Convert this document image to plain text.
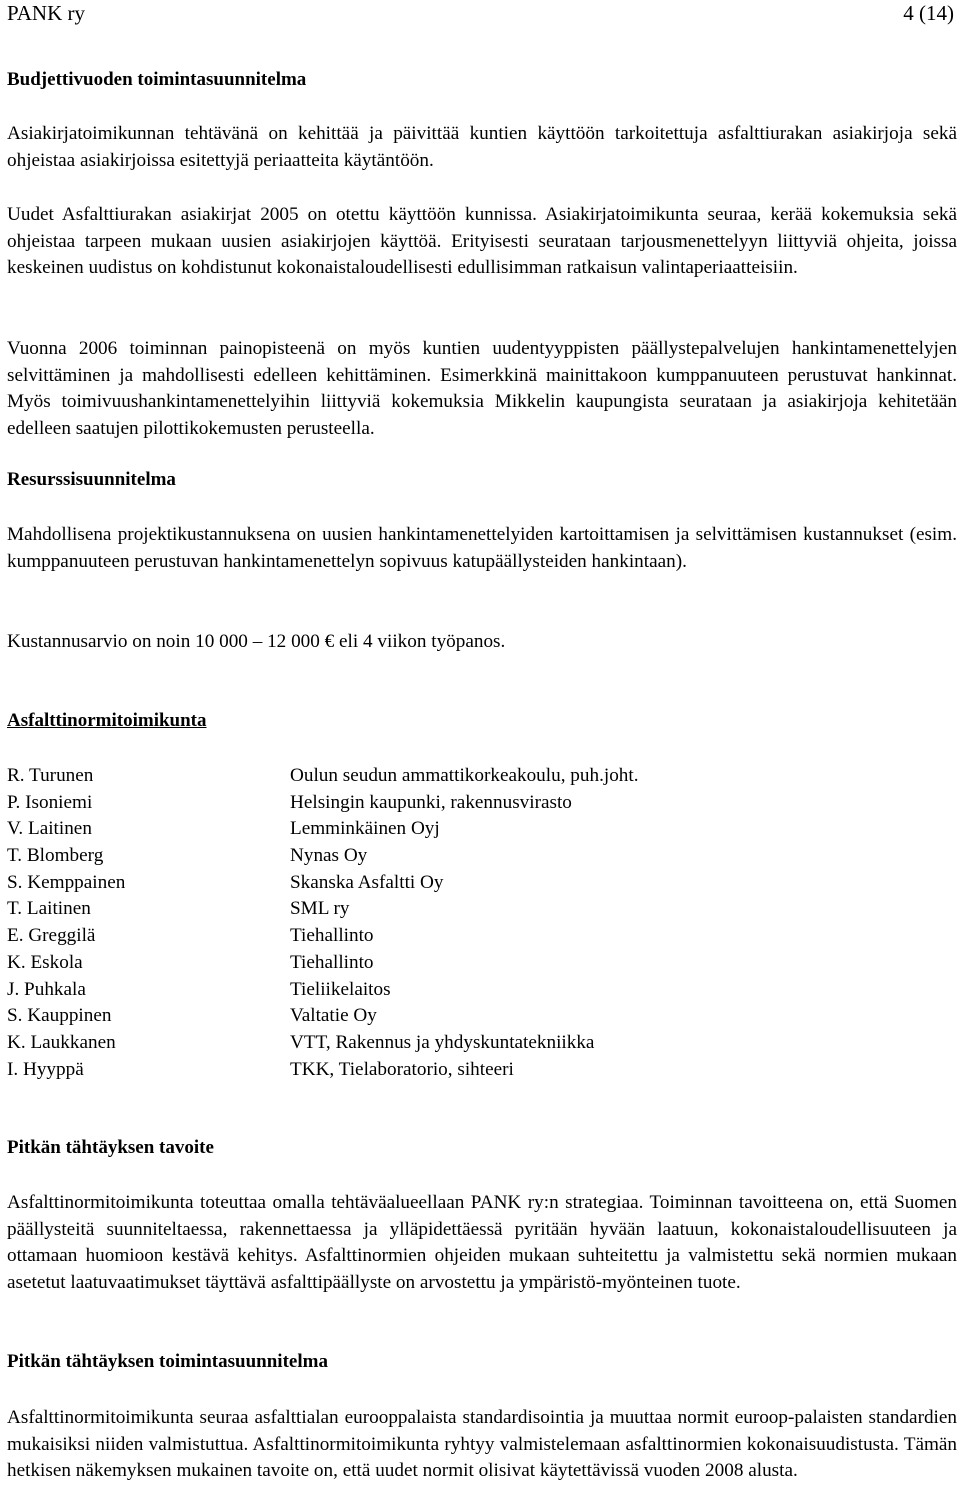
PANK ry	4 (14)
Budjettivuoden toimintasuunnitelma

Asiakirjatoimikunnan tehtävänä on kehittää ja päivittää kuntien käyttöön tarkoitettuja asfalttiurakan asiakirjoja sekä ohjeistaa asiakirjoissa esitettyjä periaatteita käytäntöön.

Uudet Asfalttiurakan asiakirjat 2005 on otettu käyttöön kunnissa. Asiakirjatoimikunta seuraa, kerää kokemuksia sekä ohjeistaa tarpeen mukaan uusien asiakirjojen käyttöä. Erityisesti seurataan tarjousmenettelyyn liittyviä ohjeita, joissa keskeinen uudistus on kohdistunut kokonaistaloudellisesti edullisimman ratkaisun valintaperiaatteisiin.

Vuonna 2006 toiminnan painopisteenä on myös kuntien uudentyyppisten päällystepalvelujen hankintamenettelyjen selvittäminen ja mahdollisesti edelleen kehittäminen. Esimerkkinä mainittakoon kumppanuuteen perustuvat hankinnat. Myös toimivuushankintamenettelyihin liittyviä kokemuksia Mikkelin kaupungista seurataan ja asiakirjoja kehitetään edelleen saatujen pilottikokemusten perusteella.

Resurssisuunnitelma

Mahdollisena projektikustannuksena on uusien hankintamenettelyiden kartoittamisen ja selvittämisen kustannukset (esim. kumppanuuteen perustuvan hankintamenettelyn sopivuus katupäällysteiden hankintaan).

Kustannusarvio on noin 10 000 – 12 000 € eli 4 viikon työpanos.

Asfalttinormitoimikunta
R. Turunen	Oulun seudun ammattikorkeakoulu, puh.joht.
P. Isoniemi	Helsingin kaupunki, rakennusvirasto
V. Laitinen	Lemminkäinen Oyj
T. Blomberg	Nynas Oy
S. Kemppainen	Skanska Asfaltti Oy
T. Laitinen	SML ry
E. Greggilä	Tiehallinto
K. Eskola	Tiehallinto
J. Puhkala	Tieliikelaitos
S. Kauppinen	Valtatie Oy
K. Laukkanen	VTT, Rakennus ja yhdyskuntatekniikka
I. Hyyppä	TKK, Tielaboratorio, sihteeri
Pitkän tähtäyksen tavoite

Asfalttinormitoimikunta toteuttaa omalla tehtäväalueellaan PANK ry:n strategiaa. Toiminnan tavoitteena on, että Suomen päällysteitä suunniteltaessa, rakennettaessa ja ylläpidettäessä pyritään hyvään laatuun, kokonaistaloudellisuuteen ja ottamaan huomioon kestävä kehitys. Asfalttinormien ohjeiden mukaan suhteitettu ja valmistettu sekä normien mukaan asetetut laatuvaatimukset täyttävä asfalttipäällyste on arvostettu ja ympäristö-myönteinen tuote.

Pitkän tähtäyksen toimintasuunnitelma

Asfalttinormitoimikunta seuraa asfalttialan eurooppalaista standardisointia ja muuttaa normit euroop-palaisten standardien mukaisiksi niiden valmistuttua. Asfalttinormitoimikunta ryhtyy valmistelemaan asfalttinormien kokonaisuudistusta. Tämän hetkisen näkemyksen mukainen tavoite on, että uudet normit olisivat käytettävissä vuoden 2008 alusta.
